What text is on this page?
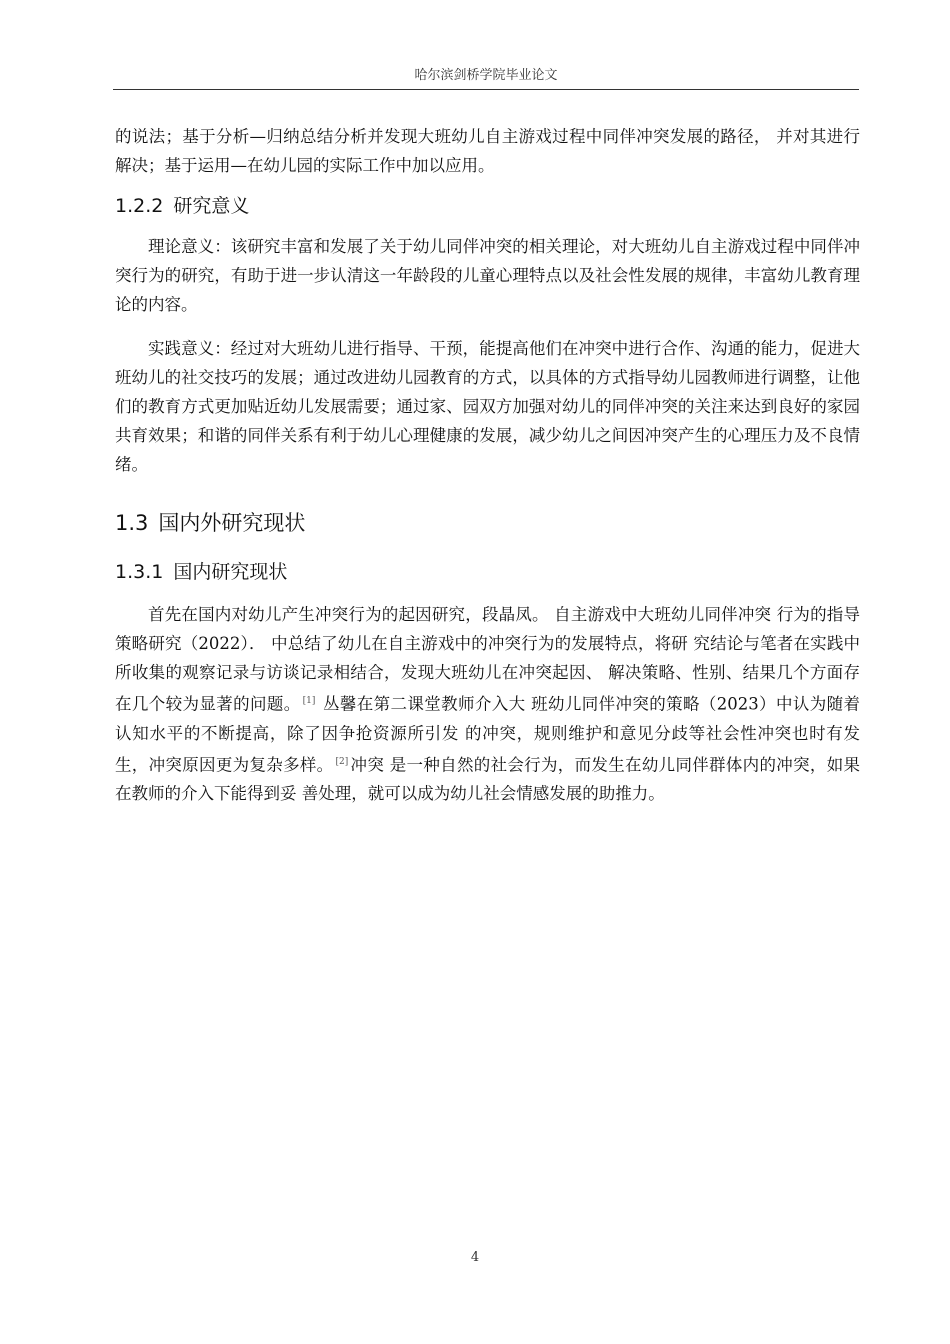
哈尔滨剑桥学院毕业论文

的说法；基于分析—归纳总结分析并发现大班幼儿自主游戏过程中同伴冲突发展的路径， 并对其进行解决；基于运用—在幼儿园的实际工作中加以应用。

1.2.2 研究意义

理论意义：该研究丰富和发展了关于幼儿同伴冲突的相关理论，对大班幼儿自主游戏过程中同伴冲突行为的研究，有助于进一步认清这一年龄段的儿童心理特点以及社会性发展的规律，丰富幼儿教育理论的内容。

实践意义：经过对大班幼儿进行指导、干预，能提高他们在冲突中进行合作、沟通的能力，促进大班幼儿的社交技巧的发展；通过改进幼儿园教育的方式，以具体的方式指导幼儿园教师进行调整，让他们的教育方式更加贴近幼儿发展需要；通过家、园双方加强对幼儿的同伴冲突的关注来达到良好的家园共育效果；和谐的同伴关系有利于幼儿心理健康的发展，减少幼儿之间因冲突产生的心理压力及不良情绪。

1.3 国内外研究现状
1.3.1 国内研究现状

首先在国内对幼儿产生冲突行为的起因研究，段晶凤。 自主游戏中大班幼儿同伴冲突 行为的指导策略研究（2022）． 中总结了幼儿在自主游戏中的冲突行为的发展特点，将研 究结论与笔者在实践中所收集的观察记录与访谈记录相结合，发现大班幼儿在冲突起因、 解决策略、性别、结果几个方面存在几个较为显著的问题。 [1] 丛馨在第二课堂教师介入大 班幼儿同伴冲突的策略（2023）中认为随着认知水平的不断提高，除了因争抢资源所引发 的冲突，规则维护和意见分歧等社会性冲突也时有发生，冲突原因更为复杂多样。 [2] 冲突 是一种自然的社会行为，而发生在幼儿同伴群体内的冲突，如果在教师的介入下能得到妥 善处理，就可以成为幼儿社会情感发展的助推力。

4
